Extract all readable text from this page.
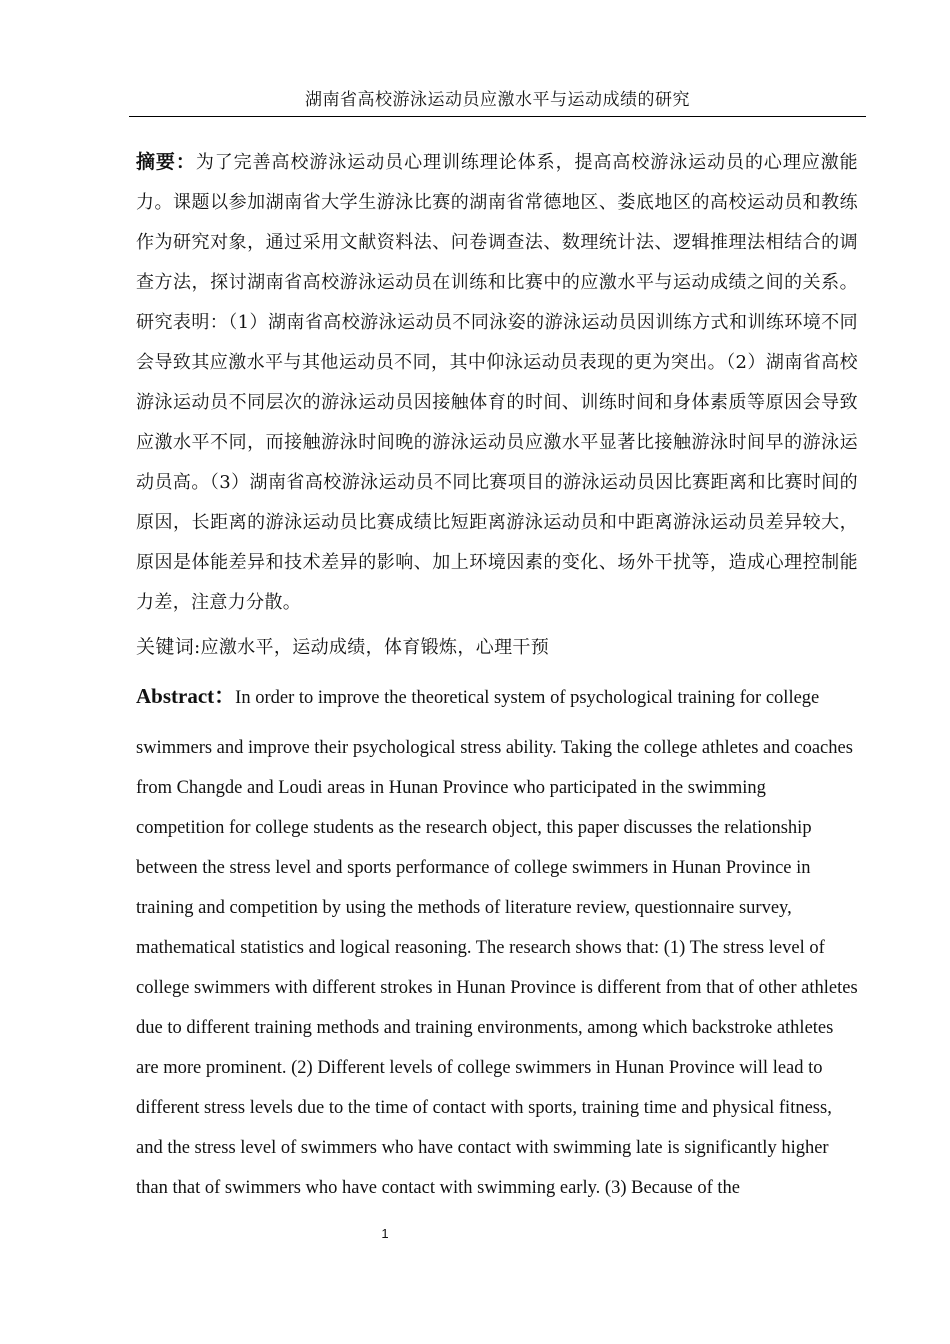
湖南省高校游泳运动员应激水平与运动成绩的研究

摘要：为了完善高校游泳运动员心理训练理论体系，提高高校游泳运动员的心理应激能力。课题以参加湖南省大学生游泳比赛的湖南省常德地区、娄底地区的高校运动员和教练作为研究对象，通过采用文献资料法、问卷调查法、数理统计法、逻辑推理法相结合的调查方法，探讨湖南省高校游泳运动员在训练和比赛中的应激水平与运动成绩之间的关系。研究表明：（1）湖南省高校游泳运动员不同泳姿的游泳运动员因训练方式和训练环境不同会导致其应激水平与其他运动员不同，其中仰泳运动员表现的更为突出。（2）湖南省高校游泳运动员不同层次的游泳运动员因接触体育的时间、训练时间和身体素质等原因会导致应激水平不同，而接触游泳时间晚的游泳运动员应激水平显著比接触游泳时间早的游泳运动员高。（3）湖南省高校游泳运动员不同比赛项目的游泳运动员因比赛距离和比赛时间的原因，长距离的游泳运动员比赛成绩比短距离游泳运动员和中距离游泳运动员差异较大，原因是体能差异和技术差异的影响、加上环境因素的变化、场外干扰等，造成心理控制能力差，注意力分散。

关键词:应激水平，运动成绩，体育锻炼，心理干预

Abstract：In order to improve the theoretical system of psychological training for college
swimmers and improve their psychological stress ability. Taking the college athletes and coaches from Changde and Loudi areas in Hunan Province who participated in the swimming competition for college students as the research object, this paper discusses the relationship between the stress level and sports performance of college swimmers in Hunan Province in training and competition by using the methods of literature review, questionnaire survey, mathematical statistics and logical reasoning. The research shows that: (1) The stress level of college swimmers with different strokes in Hunan Province is different from that of other athletes due to different training methods and training environments, among which backstroke athletes are more prominent. (2) Different levels of college swimmers in Hunan Province will lead to different stress levels due to the time of contact with sports, training time and physical fitness, and the stress level of swimmers who have contact with swimming late is significantly higher than that of swimmers who have contact with swimming early. (3) Because of the
1
